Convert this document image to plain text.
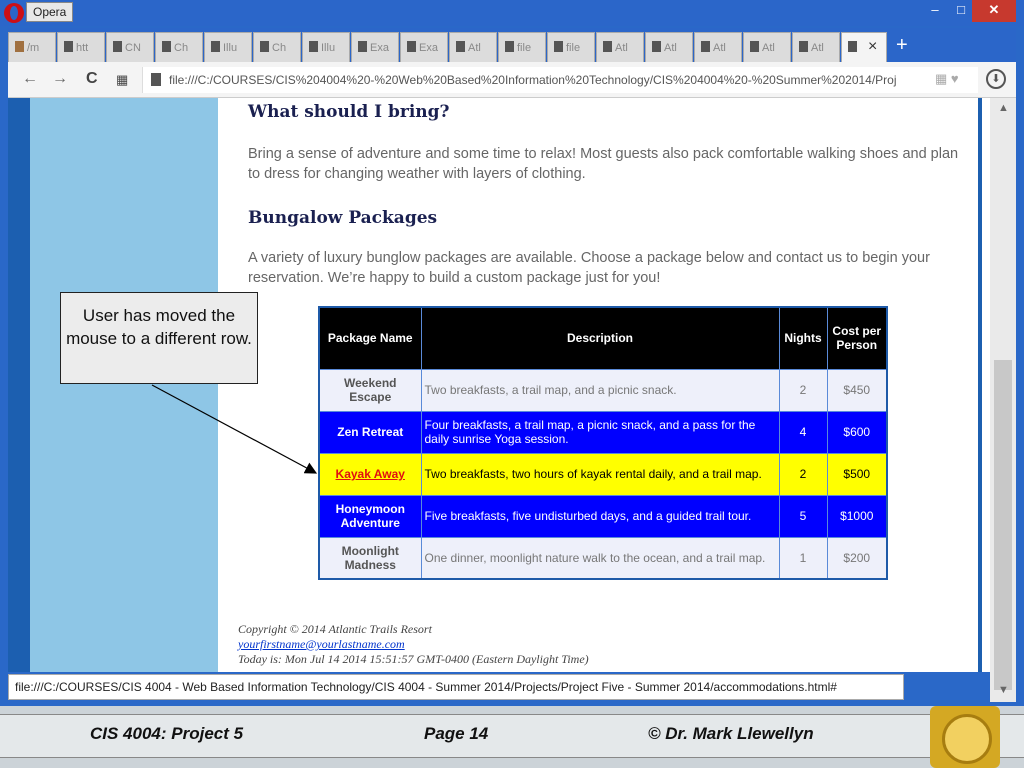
Opera	‒	□	✕
/m	htt	CN	Ch	Illu	Ch	Illu	Exa	Exa	Atl	file	file	Atl	Atl	Atl	Atl	Atl	× +
← → C ▦	file:///C:/COURSES/CIS%204004%20-%20Web%20Based%20Information%20Technology/CIS%204004%20-%20Summer%202014/Proj	▦ ♥	⬇
What should I bring?

Bring a sense of adventure and some time to relax! Most guests also pack comfortable walking shoes and plan to dress for changing weather with layers of clothing.

Bungalow Packages

A variety of luxury bunglow packages are available. Choose a package below and contact us to begin your reservation. We’re happy to build a custom package just for you!

Package Name	Description	Nights	Cost per Person
Weekend Escape	Two breakfasts, a trail map, and a picnic snack.	2	$450
Zen Retreat	Four breakfasts, a trail map, a picnic snack, and a pass for the daily sunrise Yoga session.	4	$600
Kayak Away	Two breakfasts, two hours of kayak rental daily, and a trail map.	2	$500
Honeymoon Adventure	Five breakfasts, five undisturbed days, and a guided trail tour.	5	$1000
Moonlight Madness	One dinner, moonlight nature walk to the ocean, and a trail map.	1	$200
Copyright © 2014 Atlantic Trails Resort
yourfirstname@yourlastname.com
Today is: Mon Jul 14 2014 15:51:57 GMT-0400 (Eastern Daylight Time)
▲
▼
file:///C:/COURSES/CIS 4004 - Web Based Information Technology/CIS 4004 - Summer 2014/Projects/Project Five - Summer 2014/accommodations.html#
User has moved the mouse to a different row.
CIS 4004: Project 5	Page 14	© Dr. Mark Llewellyn
